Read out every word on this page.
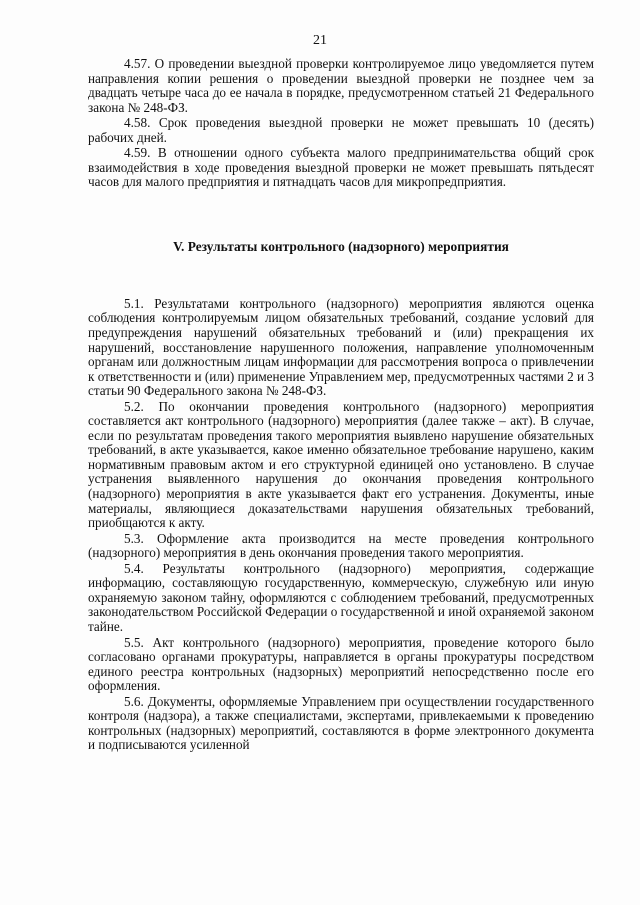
21

4.57. О проведении выездной проверки контролируемое лицо уведомляется путем направления копии решения о проведении выездной проверки не позднее чем за двадцать четыре часа до ее начала в порядке, предусмотренном статьей 21 Федерального закона № 248-ФЗ.

4.58. Срок проведения выездной проверки не может превышать 10 (десять) рабочих дней.

4.59. В отношении одного субъекта малого предпринимательства общий срок взаимодействия в ходе проведения выездной проверки не может превышать пятьдесят часов для малого предприятия и пятнадцать часов для микропредприятия.

V. Результаты контрольного (надзорного) мероприятия

5.1. Результатами контрольного (надзорного) мероприятия являются оценка соблюдения контролируемым лицом обязательных требований, создание условий для предупреждения нарушений обязательных требований и (или) прекращения их нарушений, восстановление нарушенного положения, направление уполномоченным органам или должностным лицам информации для рассмотрения вопроса о привлечении к ответственности и (или) применение Управлением мер, предусмотренных частями 2 и 3 статьи 90 Федерального закона № 248-ФЗ.

5.2. По окончании проведения контрольного (надзорного) мероприятия составляется акт контрольного (надзорного) мероприятия (далее также – акт). В случае, если по результатам проведения такого мероприятия выявлено нарушение обязательных требований, в акте указывается, какое именно обязательное требование нарушено, каким нормативным правовым актом и его структурной единицей оно установлено. В случае устранения выявленного нарушения до окончания проведения контрольного (надзорного) мероприятия в акте указывается факт его устранения. Документы, иные материалы, являющиеся доказательствами нарушения обязательных требований, приобщаются к акту.

5.3. Оформление акта производится на месте проведения контрольного (надзорного) мероприятия в день окончания проведения такого мероприятия.

5.4. Результаты контрольного (надзорного) мероприятия, содержащие информацию, составляющую государственную, коммерческую, служебную или иную охраняемую законом тайну, оформляются с соблюдением требований, предусмотренных законодательством Российской Федерации о государственной и иной охраняемой законом тайне.

5.5. Акт контрольного (надзорного) мероприятия, проведение которого было согласовано органами прокуратуры, направляется в органы прокуратуры посредством единого реестра контрольных (надзорных) мероприятий непосредственно после его оформления.

5.6. Документы, оформляемые Управлением при осуществлении государственного контроля (надзора), а также специалистами, экспертами, привлекаемыми к проведению контрольных (надзорных) мероприятий, составляются в форме электронного документа и подписываются усиленной
